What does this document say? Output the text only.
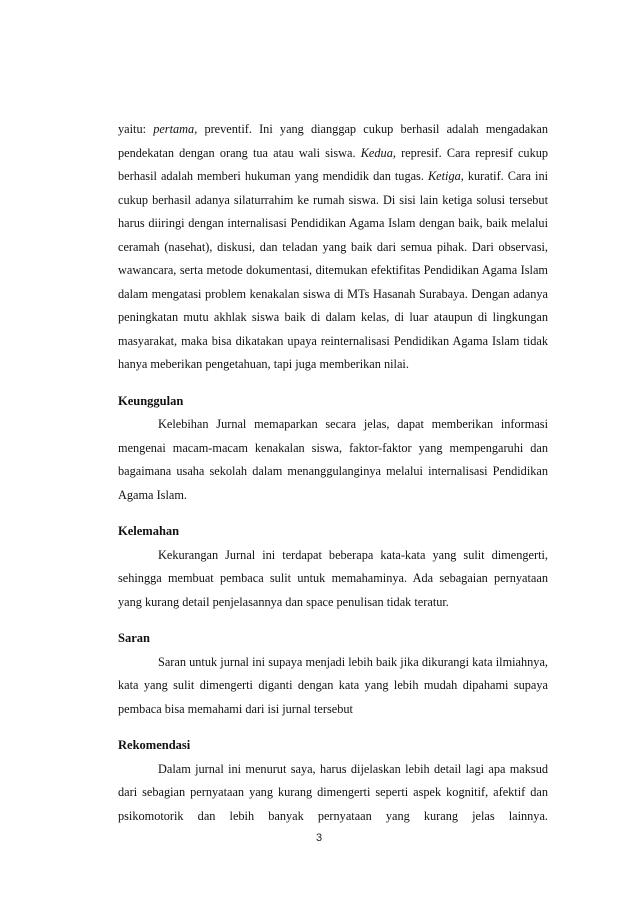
yaitu: pertama, preventif. Ini yang dianggap cukup berhasil adalah mengadakan pendekatan dengan orang tua atau wali siswa. Kedua, represif. Cara represif cukup berhasil adalah memberi hukuman yang mendidik dan tugas. Ketiga, kuratif. Cara ini cukup berhasil adanya silaturrahim ke rumah siswa. Di sisi lain ketiga solusi tersebut harus diiringi dengan internalisasi Pendidikan Agama Islam dengan baik, baik melalui ceramah (nasehat), diskusi, dan teladan yang baik dari semua pihak. Dari observasi, wawancara, serta metode dokumentasi, ditemukan efektifitas Pendidikan Agama Islam dalam mengatasi problem kenakalan siswa di MTs Hasanah Surabaya. Dengan adanya peningkatan mutu akhlak siswa baik di dalam kelas, di luar ataupun di lingkungan masyarakat, maka bisa dikatakan upaya reinternalisasi Pendidikan Agama Islam tidak hanya meberikan pengetahuan, tapi juga memberikan nilai.

Keunggulan

Kelebihan Jurnal memaparkan secara jelas, dapat memberikan informasi mengenai macam-macam kenakalan siswa, faktor-faktor yang mempengaruhi dan bagaimana usaha sekolah dalam menanggulanginya melalui internalisasi Pendidikan Agama Islam.

Kelemahan

Kekurangan Jurnal ini terdapat beberapa kata-kata yang sulit dimengerti, sehingga membuat pembaca sulit untuk memahaminya. Ada sebagaian pernyataan yang kurang detail penjelasannya dan space penulisan tidak teratur.

Saran

Saran untuk jurnal ini supaya menjadi lebih baik jika dikurangi kata ilmiahnya, kata yang sulit dimengerti diganti dengan kata yang lebih mudah dipahami supaya pembaca bisa memahami dari isi jurnal tersebut

Rekomendasi

Dalam jurnal ini menurut saya, harus dijelaskan lebih detail lagi apa maksud dari sebagian pernyataan yang kurang dimengerti seperti aspek kognitif, afektif dan psikomotorik dan lebih banyak pernyataan yang kurang jelas lainnya.

3
